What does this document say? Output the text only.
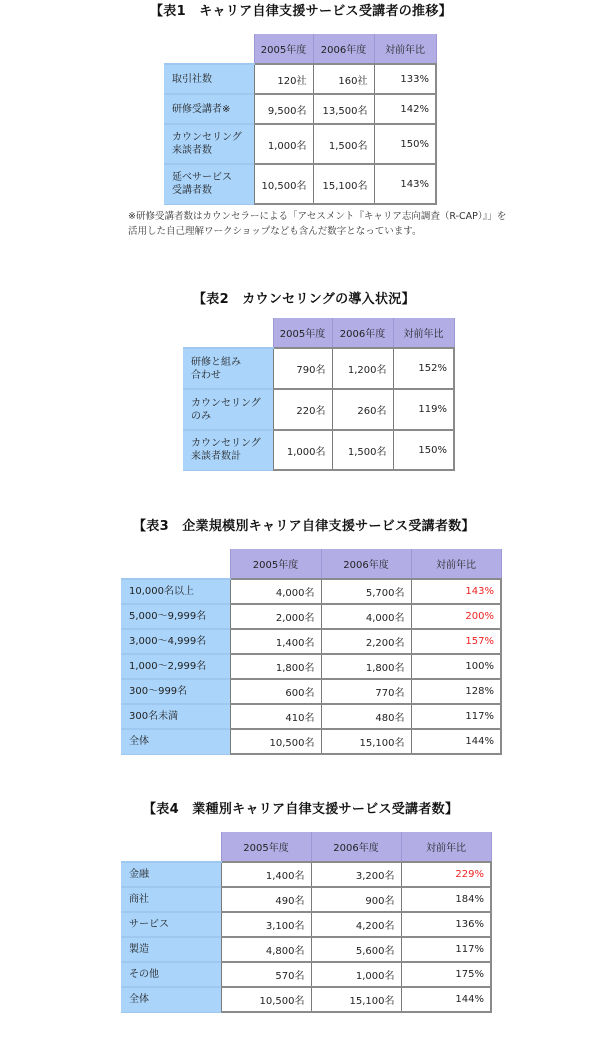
【表1　キャリア自律支援サービス受講者の推移】
	2005年度	2006年度	対前年比
取引社数	120社	160社	133%
研修受講者※	9,500名	13,500名	142%
カウンセリング
来談者数	1,000名	1,500名	150%
延べサービス
受講者数	10,500名	15,100名	143%
※研修受講者数はカウンセラーによる「アセスメント『キャリア志向調査（R-CAP）』」を
活用した自己理解ワークショップなども含んだ数字となっています。
【表2　カウンセリングの導入状況】
	2005年度	2006年度	対前年比
研修と組み
合わせ	790名	1,200名	152%
カウンセリング
のみ	220名	260名	119%
カウンセリング
来談者数計	1,000名	1,500名	150%
【表3　企業規模別キャリア自律支援サービス受講者数】
	2005年度	2006年度	対前年比
10,000名以上	4,000名	5,700名	143%
5,000〜9,999名	2,000名	4,000名	200%
3,000〜4,999名	1,400名	2,200名	157%
1,000〜2,999名	1,800名	1,800名	100%
300〜999名	600名	770名	128%
300名未満	410名	480名	117%
全体	10,500名	15,100名	144%
【表4　業種別キャリア自律支援サービス受講者数】
	2005年度	2006年度	対前年比
金融	1,400名	3,200名	229%
商社	490名	900名	184%
サービス	3,100名	4,200名	136%
製造	4,800名	5,600名	117%
その他	570名	1,000名	175%
全体	10,500名	15,100名	144%
